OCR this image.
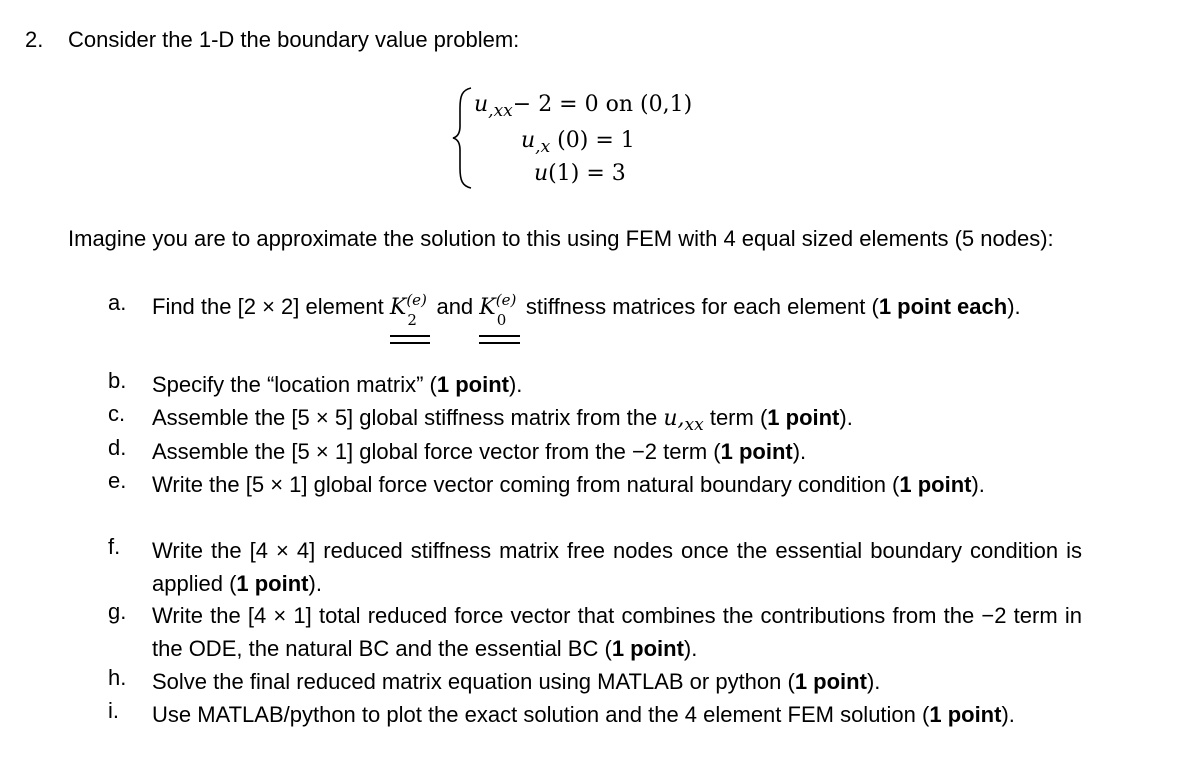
2. Consider the 1-D the boundary value problem:
$u_{,xx}- 2 = 0$ on (0,1)
$u_{,x}$ (0) = 1
u(1) = 3
Imagine you are to approximate the solution to this using FEM with 4 equal sized elements (5 nodes):
a.	Find the [2 × 2] element K (e)
2
and K (e)
0
stiffness matrices for each element (1 point each).
b.	Specify the “location matrix” (1 point).
c.	Assemble the [5 × 5] global stiffness matrix from the $u,_{xx}$ term (1 point).
d.	Assemble the [5 × 1] global force vector from the −2 term (1 point).
e.	Write the [5 × 1] global force vector coming from natural boundary condition (1 point).
f.	Write the [4 × 4] reduced stiffness matrix free nodes once the essential boundary condition is applied (1 point).
g.	Write the [4 × 1] total reduced force vector that combines the contributions from the −2 term in the ODE, the natural BC and the essential BC (1 point).
h.	Solve the final reduced matrix equation using MATLAB or python (1 point).
i.	Use MATLAB/python to plot the exact solution and the 4 element FEM solution (1 point).
